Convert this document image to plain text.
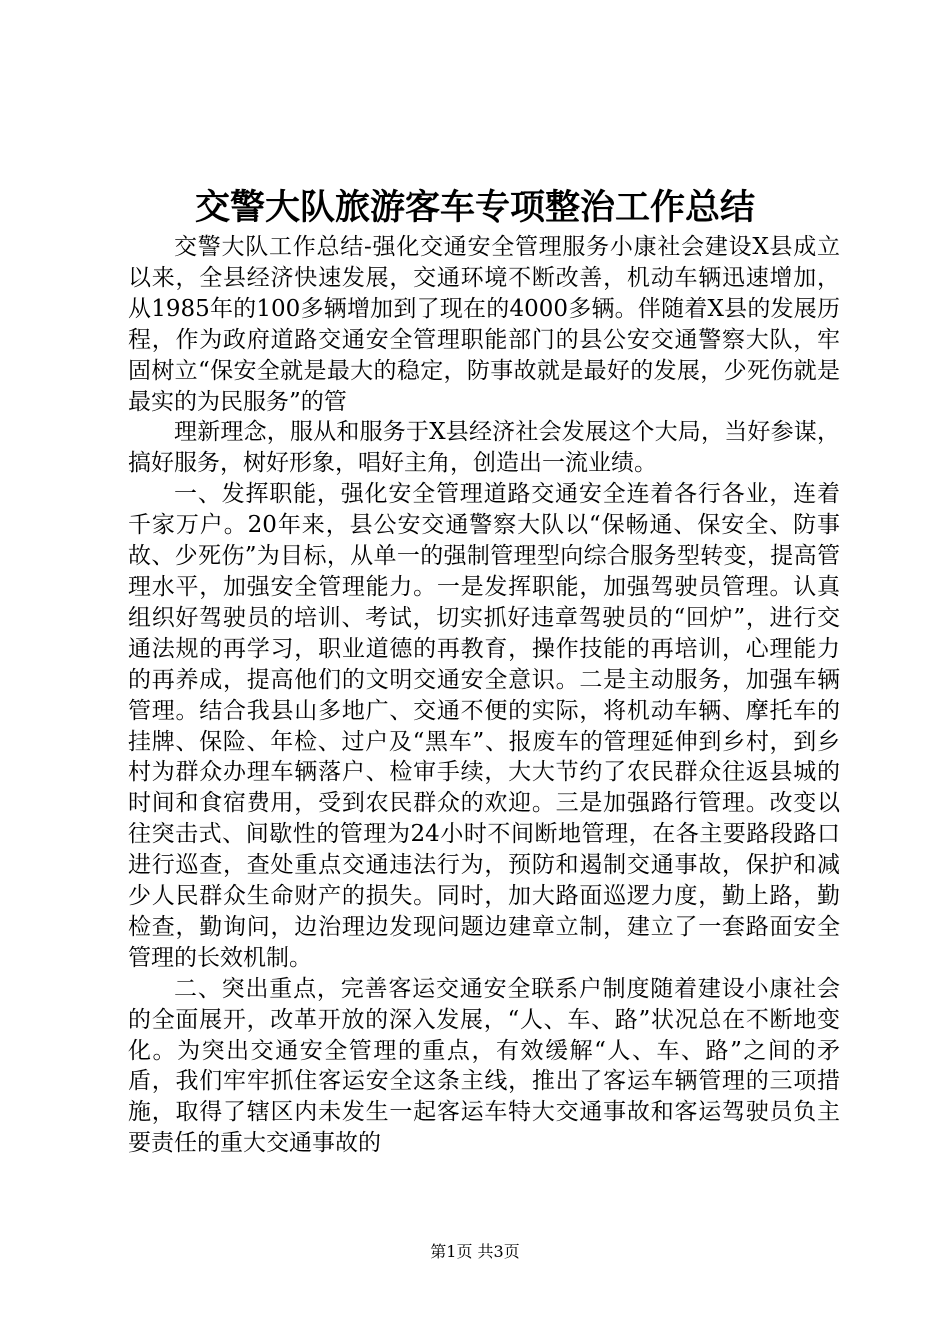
交警大队旅游客车专项整治工作总结

交警大队工作总结-强化交通安全管理服务小康社会建设X县成立以来，全县经济快速发展，交通环境不断改善，机动车辆迅速增加，从1985年的100多辆增加到了现在的4000多辆。伴随着X县的发展历程，作为政府道路交通安全管理职能部门的县公安交通警察大队，牢固树立“保安全就是最大的稳定，防事故就是最好的发展，少死伤就是最实的为民服务”的管

理新理念，服从和服务于X县经济社会发展这个大局，当好参谋，搞好服务，树好形象，唱好主角，创造出一流业绩。

一、发挥职能，强化安全管理道路交通安全连着各行各业，连着千家万户。20年来，县公安交通警察大队以“保畅通、保安全、防事故、少死伤”为目标，从单一的强制管理型向综合服务型转变，提高管理水平，加强安全管理能力。一是发挥职能，加强驾驶员管理。认真组织好驾驶员的培训、考试，切实抓好违章驾驶员的“回炉”，进行交通法规的再学习，职业道德的再教育，操作技能的再培训，心理能力的再养成，提高他们的文明交通安全意识。二是主动服务，加强车辆管理。结合我县山多地广、交通不便的实际，将机动车辆、摩托车的挂牌、保险、年检、过户及“黑车”、报废车的管理延伸到乡村，到乡村为群众办理车辆落户、检审手续，大大节约了农民群众往返县城的时间和食宿费用，受到农民群众的欢迎。三是加强路行管理。改变以往突击式、间歇性的管理为24小时不间断地管理，在各主要路段路口进行巡查，查处重点交通违法行为，预防和遏制交通事故，保护和减少人民群众生命财产的损失。同时，加大路面巡逻力度，勤上路，勤检查，勤询问，边治理边发现问题边建章立制，建立了一套路面安全管理的长效机制。

二、突出重点，完善客运交通安全联系户制度随着建设小康社会的全面展开，改革开放的深入发展，“人、车、路”状况总在不断地变化。为突出交通安全管理的重点，有效缓解“人、车、路”之间的矛盾，我们牢牢抓住客运安全这条主线，推出了客运车辆管理的三项措施，取得了辖区内未发生一起客运车特大交通事故和客运驾驶员负主要责任的重大交通事故的

第1页 共3页
